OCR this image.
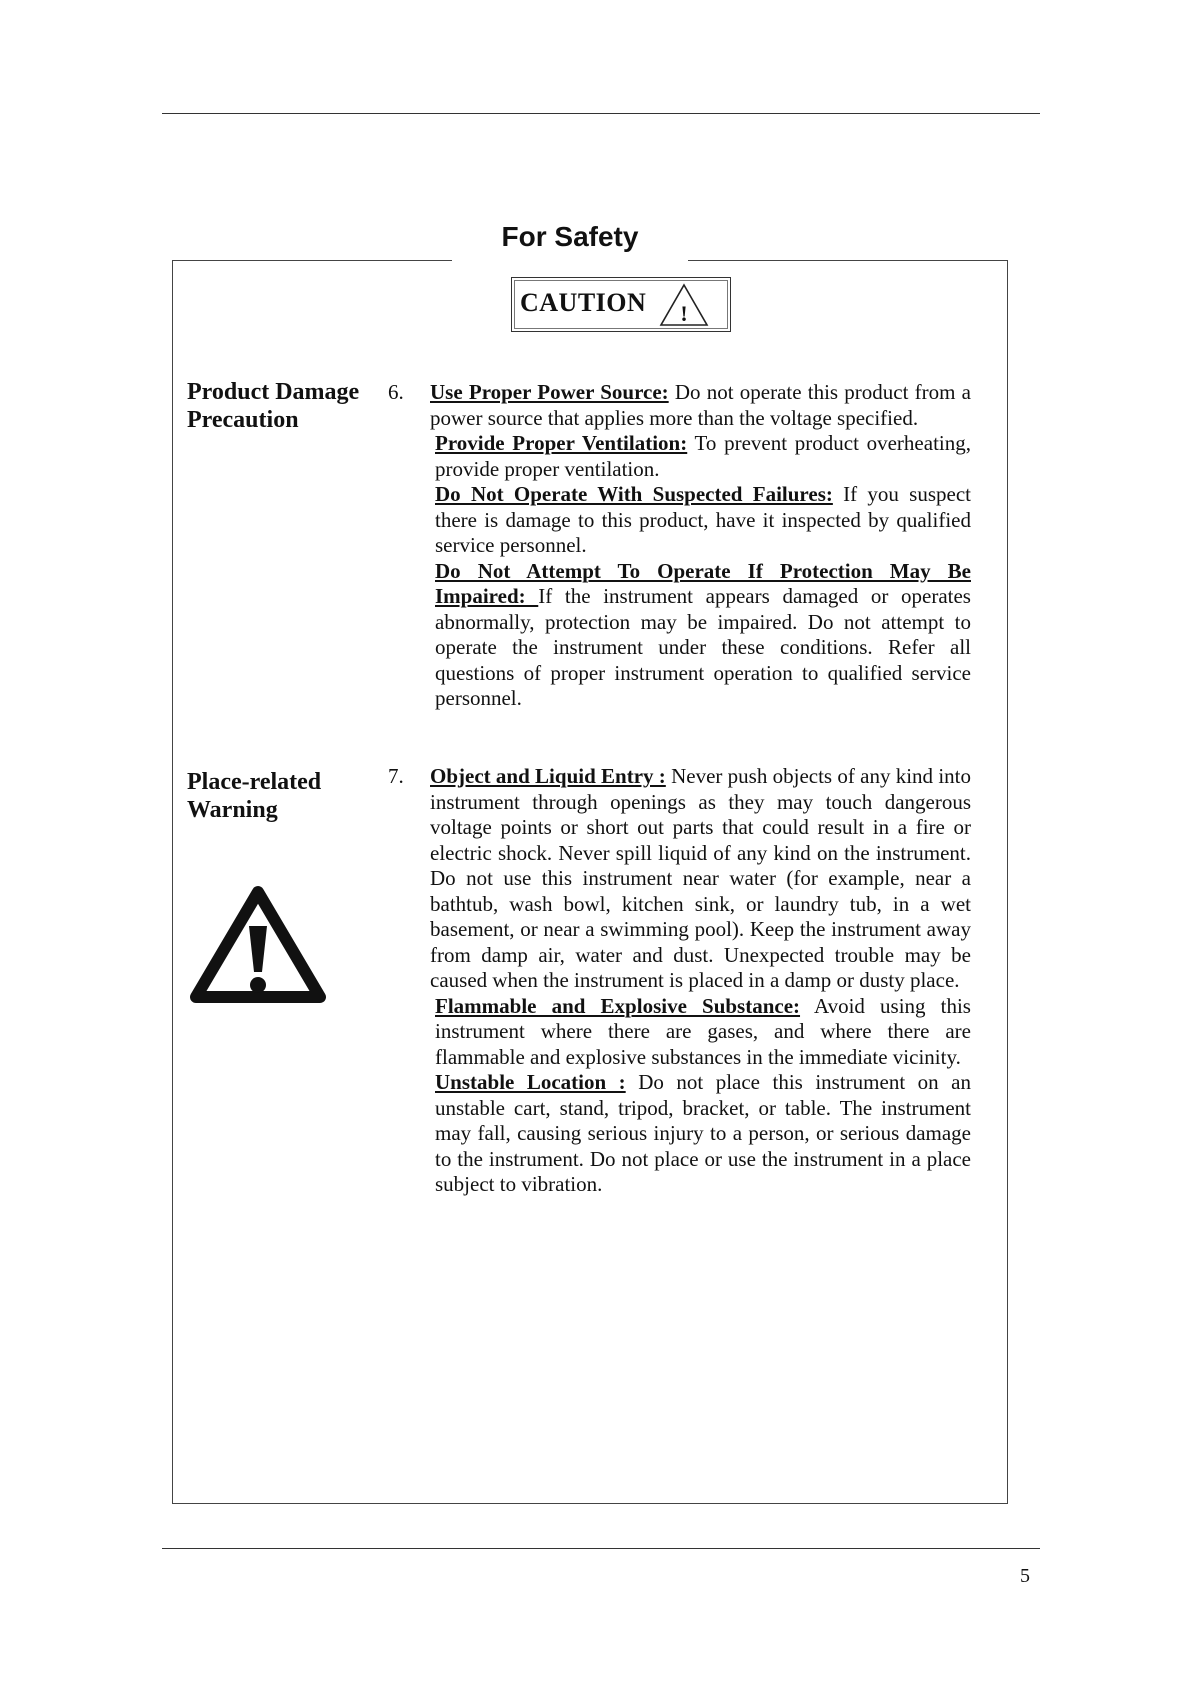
For Safety
CAUTION !
Product Damage
Precaution
6. Use Proper Power Source: Do not operate this product from a power source that applies more than the voltage specified.

Provide Proper Ventilation: To prevent product overheating, provide proper ventilation.

Do Not Operate With Suspected Failures: If you suspect there is damage to this product, have it inspected by qualified service personnel.

Do Not Attempt To Operate If Protection May Be Impaired: If the instrument appears damaged or operates abnormally, protection may be impaired. Do not attempt to operate the instrument under these conditions. Refer all questions of proper instrument operation to qualified service personnel.

Place-related
Warning
7. Object and Liquid Entry : Never push objects of any kind into instrument through openings as they may touch dangerous voltage points or short out parts that could result in a fire or electric shock. Never spill liquid of any kind on the instrument. Do not use this instrument near water (for example, near a bathtub, wash bowl, kitchen sink, or laundry tub, in a wet basement, or near a swimming pool). Keep the instrument away from damp air, water and dust. Unexpected trouble may be caused when the instrument is placed in a damp or dusty place.

Flammable and Explosive Substance: Avoid using this instrument where there are gases, and where there are flammable and explosive substances in the immediate vicinity.

Unstable Location : Do not place this instrument on an unstable cart, stand, tripod, bracket, or table. The instrument may fall, causing serious injury to a person, or serious damage to the instrument. Do not place or use the instrument in a place subject to vibration.

5
